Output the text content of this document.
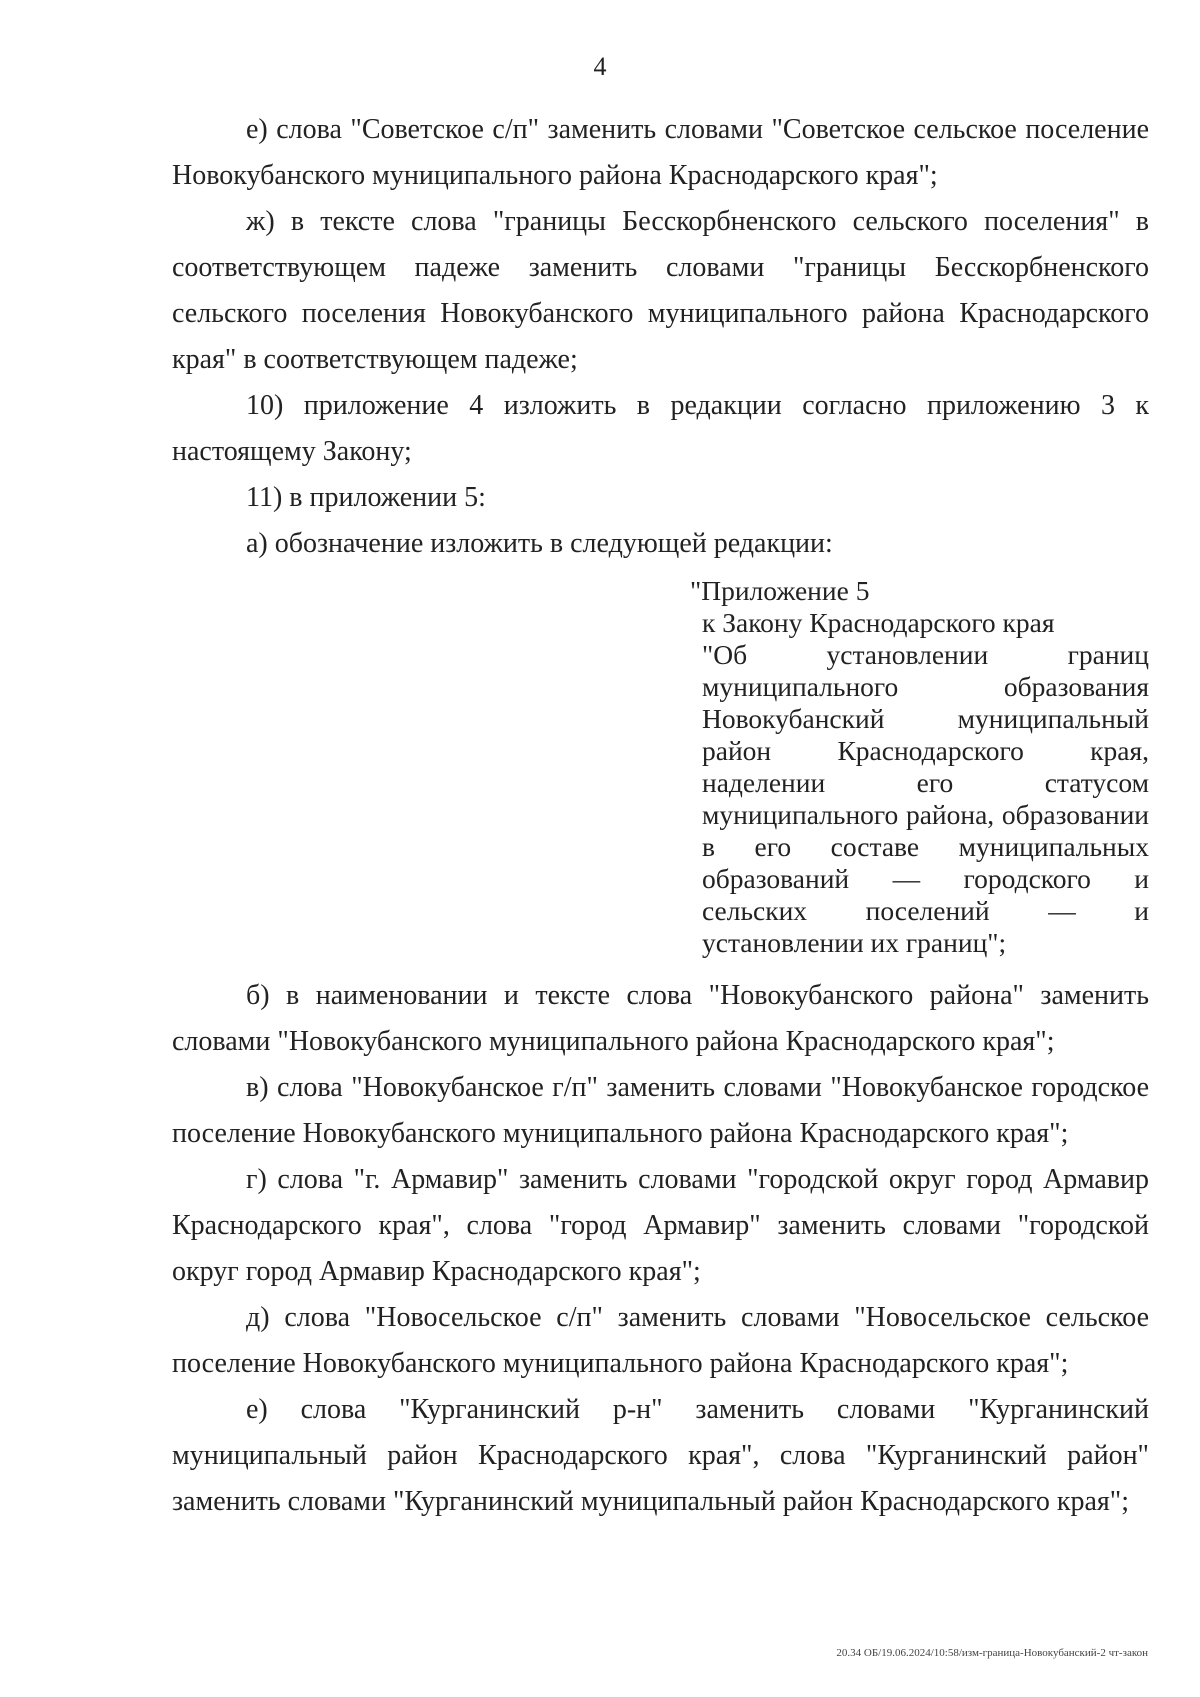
4

е) слова "Советское с/п" заменить словами "Советское сельское поселение Новокубанского муниципального района Краснодарского края";

ж) в тексте слова "границы Бесскорбненского сельского поселения" в соответствующем падеже заменить словами "границы Бесскорбненского сельского поселения Новокубанского муниципального района Краснодарского края" в соответствующем падеже;

10) приложение 4 изложить в редакции согласно приложению 3 к настоящему Закону;

11) в приложении 5:

а) обозначение изложить в следующей редакции:

"Приложение 5

к Закону Краснодарского края

"Об установлении границ муниципального образования Новокубанский муниципальный район Краснодарского края, наделении его статусом муниципального района, образовании в его составе муниципальных образований — городского и сельских поселений — и установлении их границ";

б) в наименовании и тексте слова "Новокубанского района" заменить словами "Новокубанского муниципального района Краснодарского края";

в) слова "Новокубанское г/п" заменить словами "Новокубанское городское поселение Новокубанского муниципального района Краснодарского края";

г) слова "г. Армавир" заменить словами "городской округ город Армавир Краснодарского края", слова "город Армавир" заменить словами "городской округ город Армавир Краснодарского края";

д) слова "Новосельское с/п" заменить словами "Новосельское сельское поселение Новокубанского муниципального района Краснодарского края";

е) слова "Курганинский р-н" заменить словами "Курганинский муниципальный район Краснодарского края", слова "Курганинский район" заменить словами "Курганинский муниципальный район Краснодарского края";

20.34 ОБ/19.06.2024/10:58/изм-граница-Новокубанский-2 чт-закон
